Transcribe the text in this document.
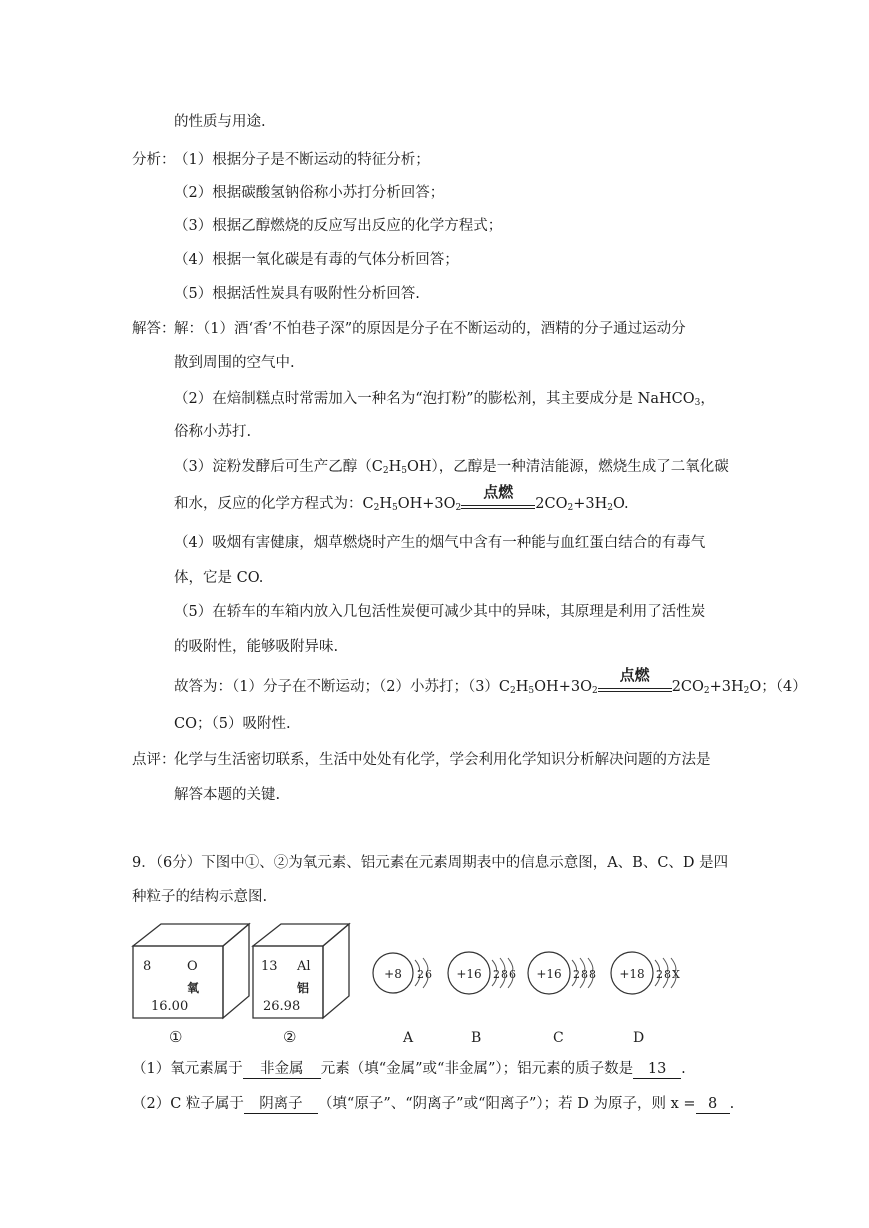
的性质与用途.
分析：
（1）根据分子是不断运动的特征分析；
（2）根据碳酸氢钠俗称小苏打分析回答；
（3）根据乙醇燃烧的反应写出反应的化学方程式；
（4）根据一氧化碳是有毒的气体分析回答；
（5）根据活性炭具有吸附性分析回答.
解答：
解：（1）酒‘香’不怕巷子深”的原因是分子在不断运动的，酒精的分子通过运动分
散到周围的空气中.
（2）在焙制糕点时常需加入一种名为“泡打粉”的膨松剂，其主要成分是 NaHCO$_3$，
俗称小苏打.
（3）淀粉发酵后可生产乙醇$(C_2H_5OH)$，乙醇是一种清洁能源，燃烧生成了二氧化碳
和水，反应的化学方程式为：$C_2H_5OH+3O_2$
点燃
$2CO_2+3H_2O$.
（4）吸烟有害健康，烟草燃烧时产生的烟气中含有一种能与血红蛋白结合的有毒气
体，它是 CO.
（5）在轿车的车箱内放入几包活性炭便可减少其中的异味，其原理是利用了活性炭
的吸附性，能够吸附异味.
故答为：（1）分子在不断运动；（2）小苏打；$(3)C_2H_5OH+3O_2$
点燃
$2CO_2+3H_2O$；（4）
CO；（5）吸附性.
点评：
化学与生活密切联系，生活中处处有化学，学会利用化学知识分析解决问题的方法是
解答本题的关键.
9．（6分）下图中①、②为氧元素、铝元素在元素周期表中的信息示意图，A、B、C、D 是四
种粒子的结构示意图.
8	O
氧
16.00
①
13 Al
铝
26.98
②
+8 2 6
A
+16 2 8 6
B
+16 2 8 8
C
+18 2 8 X
D
（1）氧元素属于 非金属 元素（填“金属”或“非金属”）；铝元素的质子数是 13 .
（2）C 粒子属于 阴离子 （填“原子”、“阴离子”或“阳离子”）；若 D 为原子，则 x = 8 .
